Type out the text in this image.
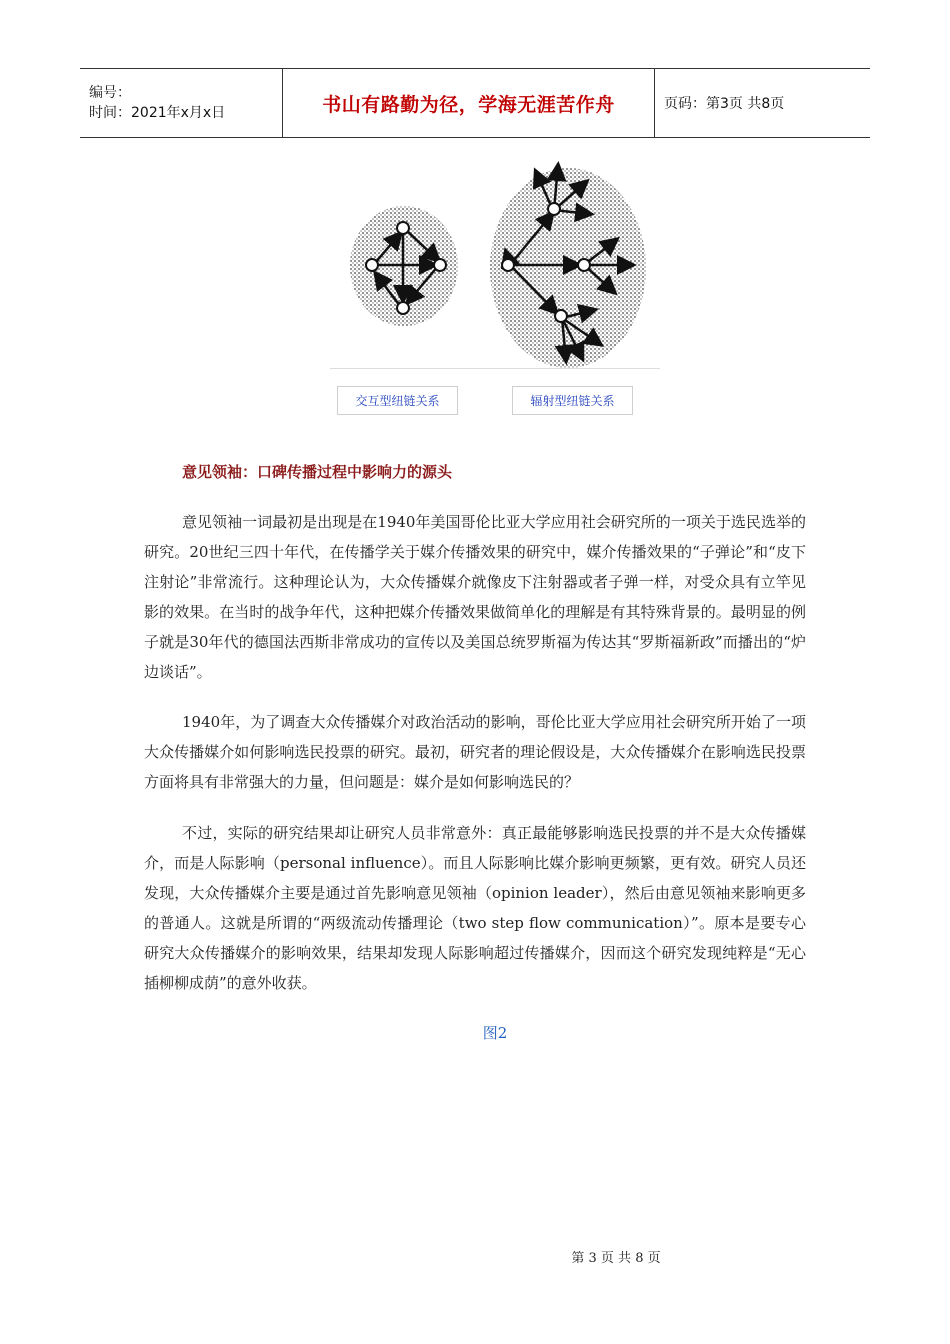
编号：
时间：2021年x月x日	书山有路勤为径，学海无涯苦作舟	页码：第3页 共8页
交互型纽链关系	辐射型纽链关系
意见领袖：口碑传播过程中影响力的源头

意见领袖一词最初是出现是在1940年美国哥伦比亚大学应用社会研究所的一项关于选民选举的研究。20世纪三四十年代，在传播学关于媒介传播效果的研究中，媒介传播效果的“子弹论”和“皮下注射论”非常流行。这种理论认为，大众传播媒介就像皮下注射器或者子弹一样，对受众具有立竿见影的效果。在当时的战争年代，这种把媒介传播效果做简单化的理解是有其特殊背景的。最明显的例子就是30年代的德国法西斯非常成功的宣传以及美国总统罗斯福为传达其“罗斯福新政”而播出的“炉边谈话”。

1940年，为了调查大众传播媒介对政治活动的影响，哥伦比亚大学应用社会研究所开始了一项大众传播媒介如何影响选民投票的研究。最初，研究者的理论假设是，大众传播媒介在影响选民投票方面将具有非常强大的力量，但问题是：媒介是如何影响选民的？

不过，实际的研究结果却让研究人员非常意外：真正最能够影响选民投票的并不是大众传播媒介，而是人际影响（personal influence）。而且人际影响比媒介影响更频繁，更有效。研究人员还发现，大众传播媒介主要是通过首先影响意见领袖（opinion leader），然后由意见领袖来影响更多的普通人。这就是所谓的“两级流动传播理论（two step flow communication）”。原本是要专心研究大众传播媒介的影响效果，结果却发现人际影响超过传播媒介，因而这个研究发现纯粹是“无心插柳柳成荫”的意外收获。

图2
第 3 页 共 8 页
